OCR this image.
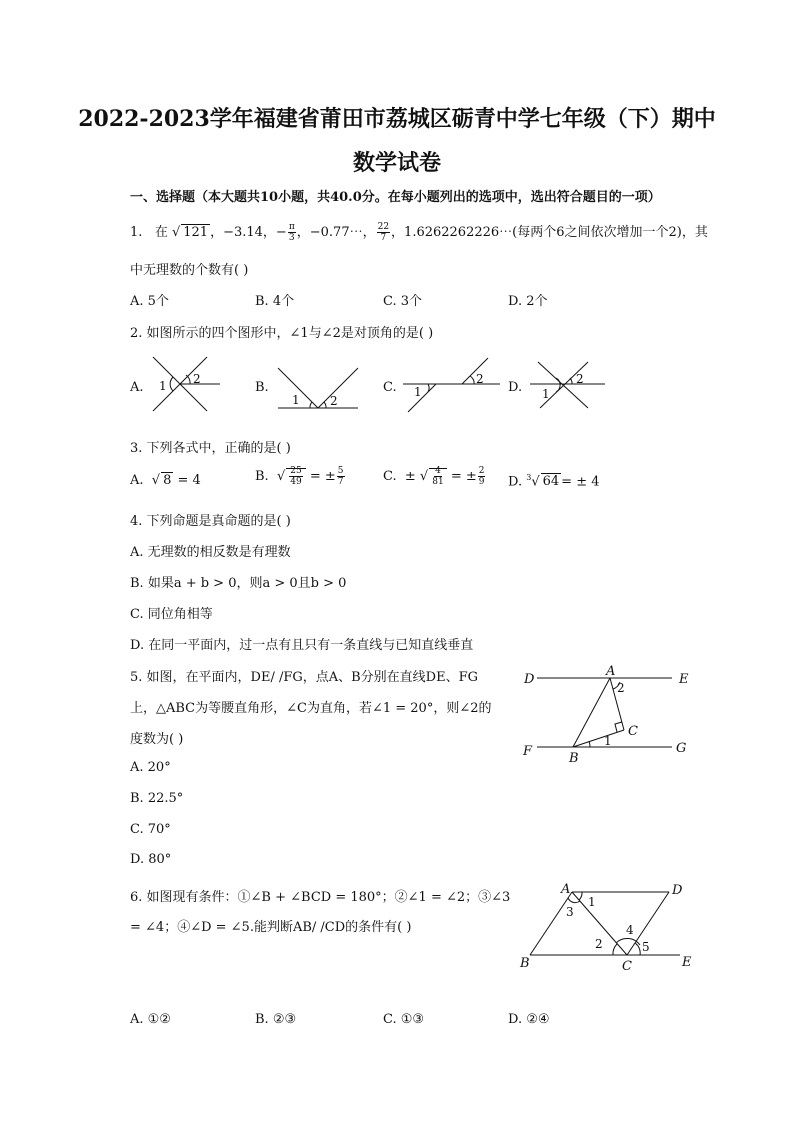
2022-2023学年福建省莆田市荔城区砺青中学七年级（下）期中
数学试卷
一、选择题（本大题共10小题，共40.0分。在每小题列出的选项中，选出符合题目的一项）
1. 在 √ 121 ，−3.14，− $\frac{\pi}{3}$ ，−0.77⋯， $\frac{22}{7}$ ，1.6262262226⋯(每两个6之间依次增加一个2)，其
中无理数的个数有( )
A. 5个	B. 4个	C. 3个	D. 2个
2. 如图所示的四个图形中，∠1与∠2是对顶角的是( )
A.	B.	C.	D.
1 2
1	2
1
2
1
2
3. 下列各式中，正确的是( )
A.  √ 8 = 4	B.  √ $\frac{25}{49}$ = ± $\frac{5}{7}$	C. ± √ $\frac{4}{81}$ = ± $\frac{2}{9} D$. $^3$√ 64 = ± 4
4. 下列命题是真命题的是( )
A. 无理数的相反数是有理数
B. 如果a + b > 0，则a > 0且b > 0
C. 同位角相等
D. 在同一平面内，过一点有且只有一条直线与已知直线垂直
5. 如图，在平面内，DE/ /FG，点A、B分别在直线DE、FG
上，△ABC为等腰直角形，∠C为直角，若∠1 = 20°，则∠2的
度数为( )
A. 20°
B. 22.5°
C. 70°
D. 80°
D
A
E
F	B
C
G
1
2
6. 如图现有条件：①∠B + ∠BCD = 180°；②∠1 = ∠2；③∠3
= ∠4；④∠D = ∠5.能判断AB/ /CD的条件有( )
A. ①②	B. ②③	C. ①③	D. ②④
A	D
B	C	E
1
2
3
4
5
